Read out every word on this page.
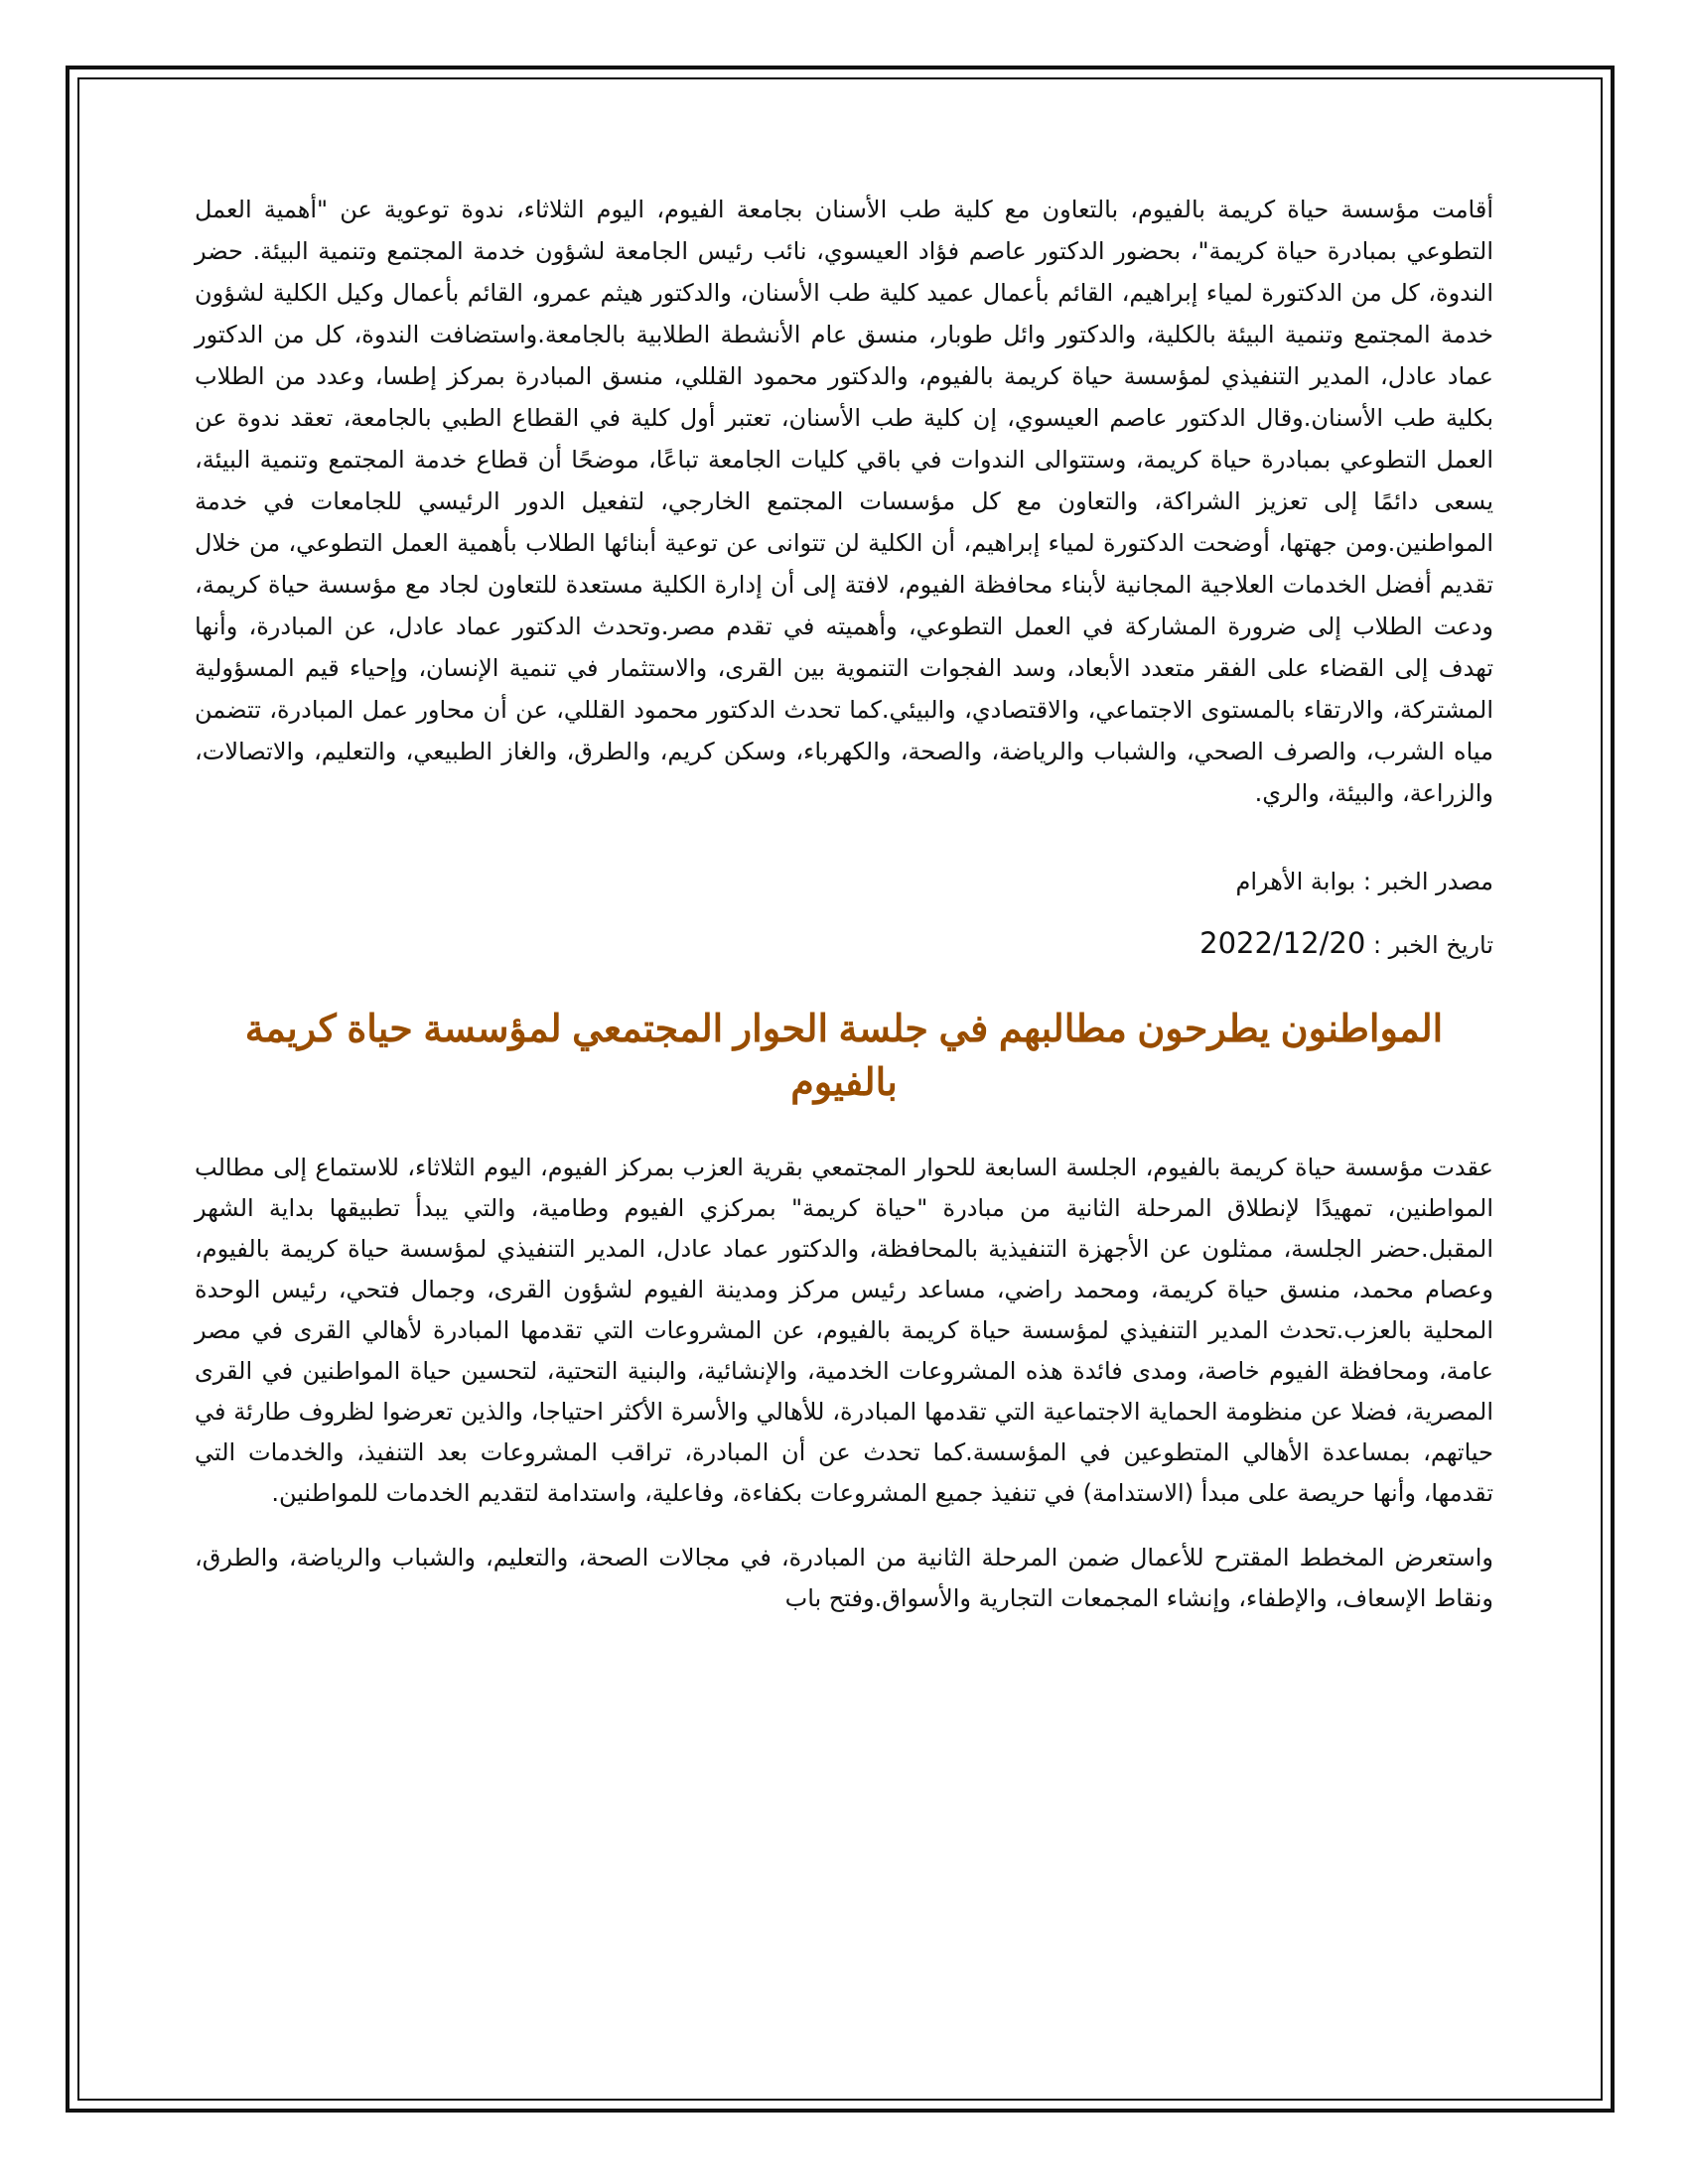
أقامت مؤسسة حياة كريمة بالفيوم، بالتعاون مع كلية طب الأسنان بجامعة الفيوم، اليوم الثلاثاء، ندوة توعوية عن "أهمية العمل التطوعي بمبادرة حياة كريمة"، بحضور الدكتور عاصم فؤاد العيسوي، نائب رئيس الجامعة لشؤون خدمة المجتمع وتنمية البيئة. حضر الندوة، كل من الدكتورة لمياء إبراهيم، القائم بأعمال عميد كلية طب الأسنان، والدكتور هيثم عمرو، القائم بأعمال وكيل الكلية لشؤون خدمة المجتمع وتنمية البيئة بالكلية، والدكتور وائل طوبار، منسق عام الأنشطة الطلابية بالجامعة.واستضافت الندوة، كل من الدكتور عماد عادل، المدير التنفيذي لمؤسسة حياة كريمة بالفيوم، والدكتور محمود القللي، منسق المبادرة بمركز إطسا، وعدد من الطلاب بكلية طب الأسنان.وقال الدكتور عاصم العيسوي، إن كلية طب الأسنان، تعتبر أول كلية في القطاع الطبي بالجامعة، تعقد ندوة عن العمل التطوعي بمبادرة حياة كريمة، وستتوالى الندوات في باقي كليات الجامعة تباعًا، موضحًا أن قطاع خدمة المجتمع وتنمية البيئة، يسعى دائمًا إلى تعزيز الشراكة، والتعاون مع كل مؤسسات المجتمع الخارجي، لتفعيل الدور الرئيسي للجامعات في خدمة المواطنين.ومن جهتها، أوضحت الدكتورة لمياء إبراهيم، أن الكلية لن تتوانى عن توعية أبنائها الطلاب بأهمية العمل التطوعي، من خلال تقديم أفضل الخدمات العلاجية المجانية لأبناء محافظة الفيوم، لافتة إلى أن إدارة الكلية مستعدة للتعاون لجاد مع مؤسسة حياة كريمة، ودعت الطلاب إلى ضرورة المشاركة في العمل التطوعي، وأهميته في تقدم مصر.وتحدث الدكتور عماد عادل، عن المبادرة، وأنها تهدف إلى القضاء على الفقر متعدد الأبعاد، وسد الفجوات التنموية بين القرى، والاستثمار في تنمية الإنسان، وإحياء قيم المسؤولية المشتركة، والارتقاء بالمستوى الاجتماعي، والاقتصادي، والبيئي.كما تحدث الدكتور محمود القللي، عن أن محاور عمل المبادرة، تتضمن مياه الشرب، والصرف الصحي، والشباب والرياضة، والصحة، والكهرباء، وسكن كريم، والطرق، والغاز الطبيعي، والتعليم، والاتصالات، والزراعة، والبيئة، والري.

مصدر الخبر : بوابة الأهرام
تاريخ الخبر : 2022/12/20
المواطنون يطرحون مطالبهم في جلسة الحوار المجتمعي لمؤسسة حياة كريمة بالفيوم

عقدت مؤسسة حياة كريمة بالفيوم، الجلسة السابعة للحوار المجتمعي بقرية العزب بمركز الفيوم، اليوم الثلاثاء، للاستماع إلى مطالب المواطنين، تمهيدًا لإنطلاق المرحلة الثانية من مبادرة "حياة كريمة" بمركزي الفيوم وطامية، والتي يبدأ تطبيقها بداية الشهر المقبل.حضر الجلسة، ممثلون عن الأجهزة التنفيذية بالمحافظة، والدكتور عماد عادل، المدير التنفيذي لمؤسسة حياة كريمة بالفيوم، وعصام محمد، منسق حياة كريمة، ومحمد راضي، مساعد رئيس مركز ومدينة الفيوم لشؤون القرى، وجمال فتحي، رئيس الوحدة المحلية بالعزب.تحدث المدير التنفيذي لمؤسسة حياة كريمة بالفيوم، عن المشروعات التي تقدمها المبادرة لأهالي القرى في مصر عامة، ومحافظة الفيوم خاصة، ومدى فائدة هذه المشروعات الخدمية، والإنشائية، والبنية التحتية، لتحسين حياة المواطنين في القرى المصرية، فضلا عن منظومة الحماية الاجتماعية التي تقدمها المبادرة، للأهالي والأسرة الأكثر احتياجا، والذين تعرضوا لظروف طارئة في حياتهم، بمساعدة الأهالي المتطوعين في المؤسسة.كما تحدث عن أن المبادرة، تراقب المشروعات بعد التنفيذ، والخدمات التي تقدمها، وأنها حريصة على مبدأ (الاستدامة) في تنفيذ جميع المشروعات بكفاءة، وفاعلية، واستدامة لتقديم الخدمات للمواطنين.

واستعرض المخطط المقترح للأعمال ضمن المرحلة الثانية من المبادرة، في مجالات الصحة، والتعليم، والشباب والرياضة، والطرق، ونقاط الإسعاف، والإطفاء، وإنشاء المجمعات التجارية والأسواق.وفتح باب
